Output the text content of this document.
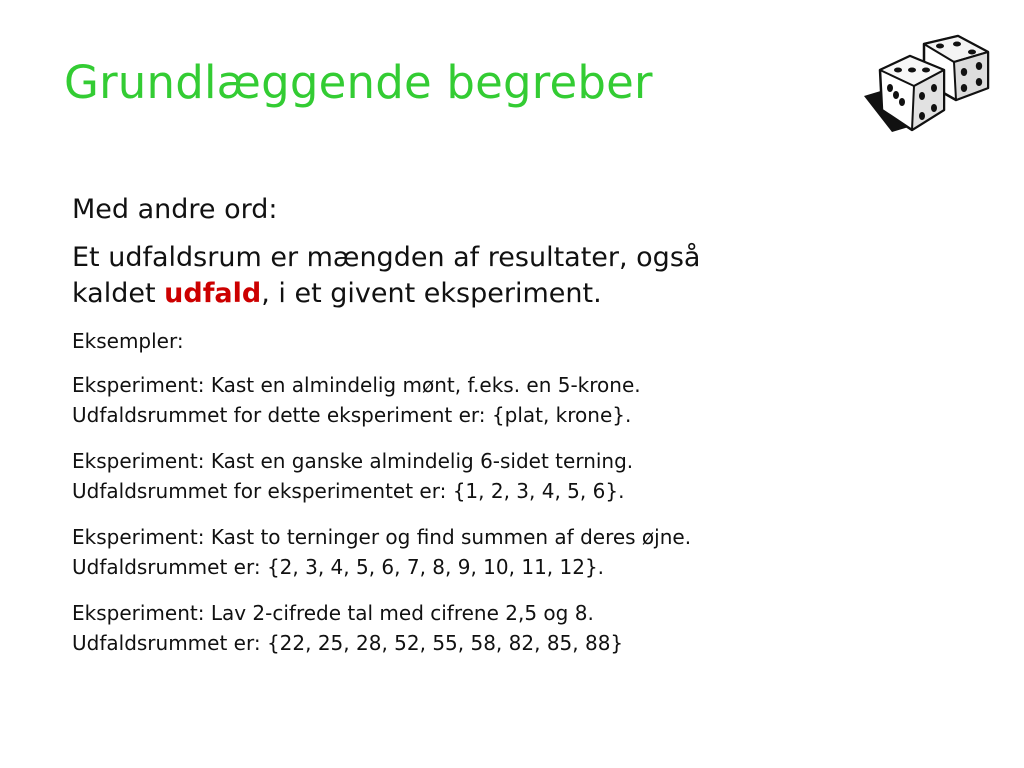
Grundlæggende begreber

Med andre ord:

Et udfaldsrum er mængden af resultater, også
kaldet udfald, i et givent eksperiment.

Eksempler:

Eksperiment: Kast en almindelig mønt, f.eks. en 5-krone.
Udfaldsrummet for dette eksperiment er: {plat, krone}.

Eksperiment: Kast en ganske almindelig 6-sidet terning.
Udfaldsrummet for eksperimentet er: {1, 2, 3, 4, 5, 6}.

Eksperiment: Kast to terninger og find summen af deres øjne.
Udfaldsrummet er: {2, 3, 4, 5, 6, 7, 8, 9, 10, 11, 12}.

Eksperiment: Lav 2-cifrede tal med cifrene 2,5 og 8.
Udfaldsrummet er: {22, 25, 28, 52, 55, 58, 82, 85, 88}
